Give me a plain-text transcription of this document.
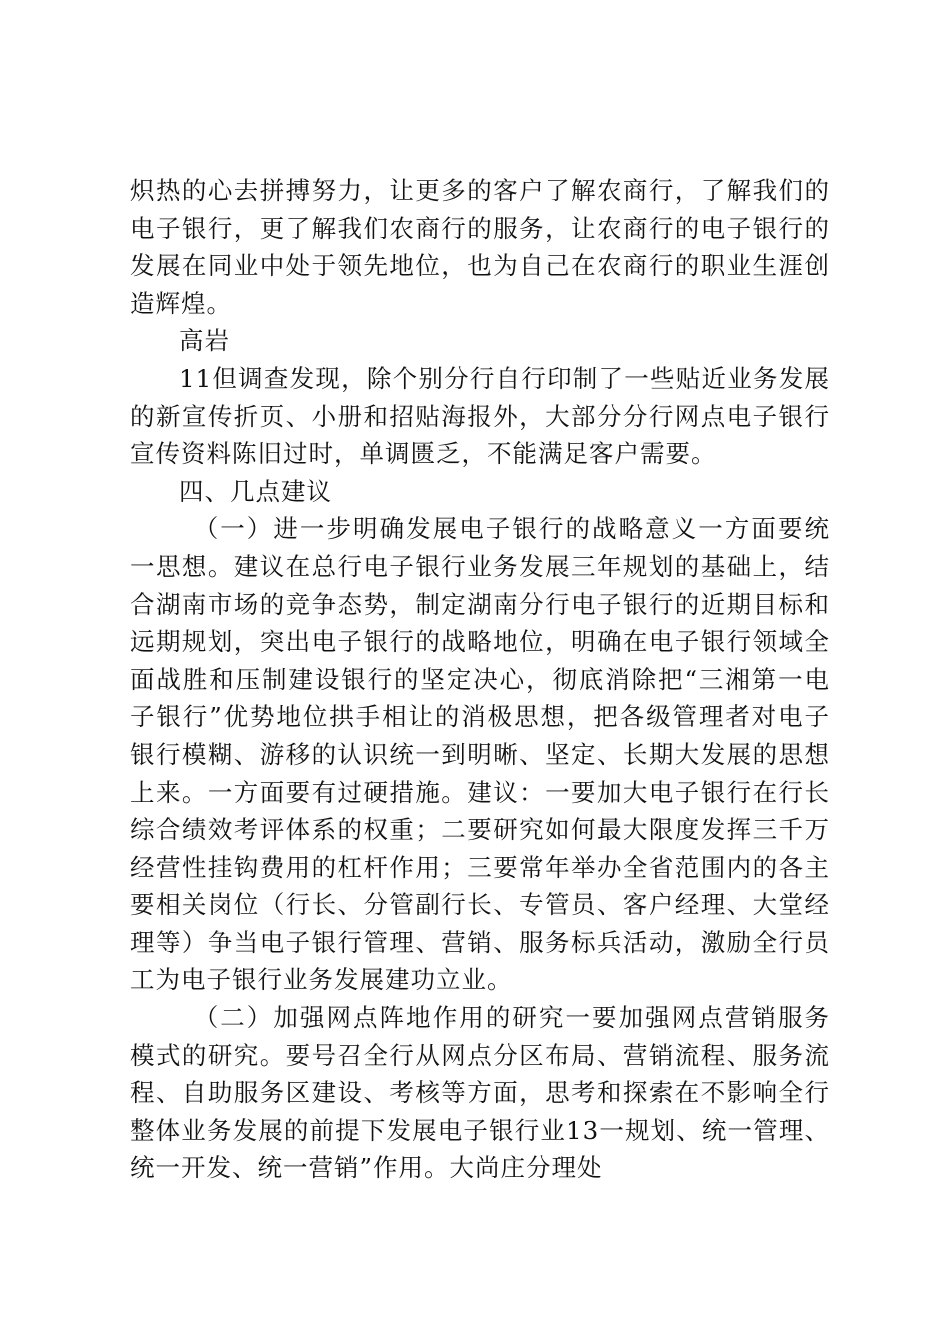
炽热的心去拼搏努力，让更多的客户了解农商行，了解我们的电子银行，更了解我们农商行的服务，让农商行的电子银行的发展在同业中处于领先地位，也为自己在农商行的职业生涯创造辉煌。

高岩

11但调查发现，除个别分行自行印制了一些贴近业务发展的新宣传折页、小册和招贴海报外，大部分分行网点电子银行宣传资料陈旧过时，单调匮乏，不能满足客户需要。

四、几点建议

（一）进一步明确发展电子银行的战略意义一方面要统一思想。建议在总行电子银行业务发展三年规划的基础上，结合湖南市场的竞争态势，制定湖南分行电子银行的近期目标和远期规划，突出电子银行的战略地位，明确在电子银行领域全面战胜和压制建设银行的坚定决心，彻底消除把“三湘第一电子银行”优势地位拱手相让的消极思想，把各级管理者对电子银行模糊、游移的认识统一到明晰、坚定、长期大发展的思想上来。一方面要有过硬措施。建议：一要加大电子银行在行长综合绩效考评体系的权重；二要研究如何最大限度发挥三千万经营性挂钩费用的杠杆作用；三要常年举办全省范围内的各主要相关岗位（行长、分管副行长、专管员、客户经理、大堂经理等）争当电子银行管理、营销、服务标兵活动，激励全行员工为电子银行业务发展建功立业。

（二）加强网点阵地作用的研究一要加强网点营销服务模式的研究。要号召全行从网点分区布局、营销流程、服务流程、自助服务区建设、考核等方面，思考和探索在不影响全行整体业务发展的前提下发展电子银行业13一规划、统一管理、统一开发、统一营销”作用。大尚庄分理处
